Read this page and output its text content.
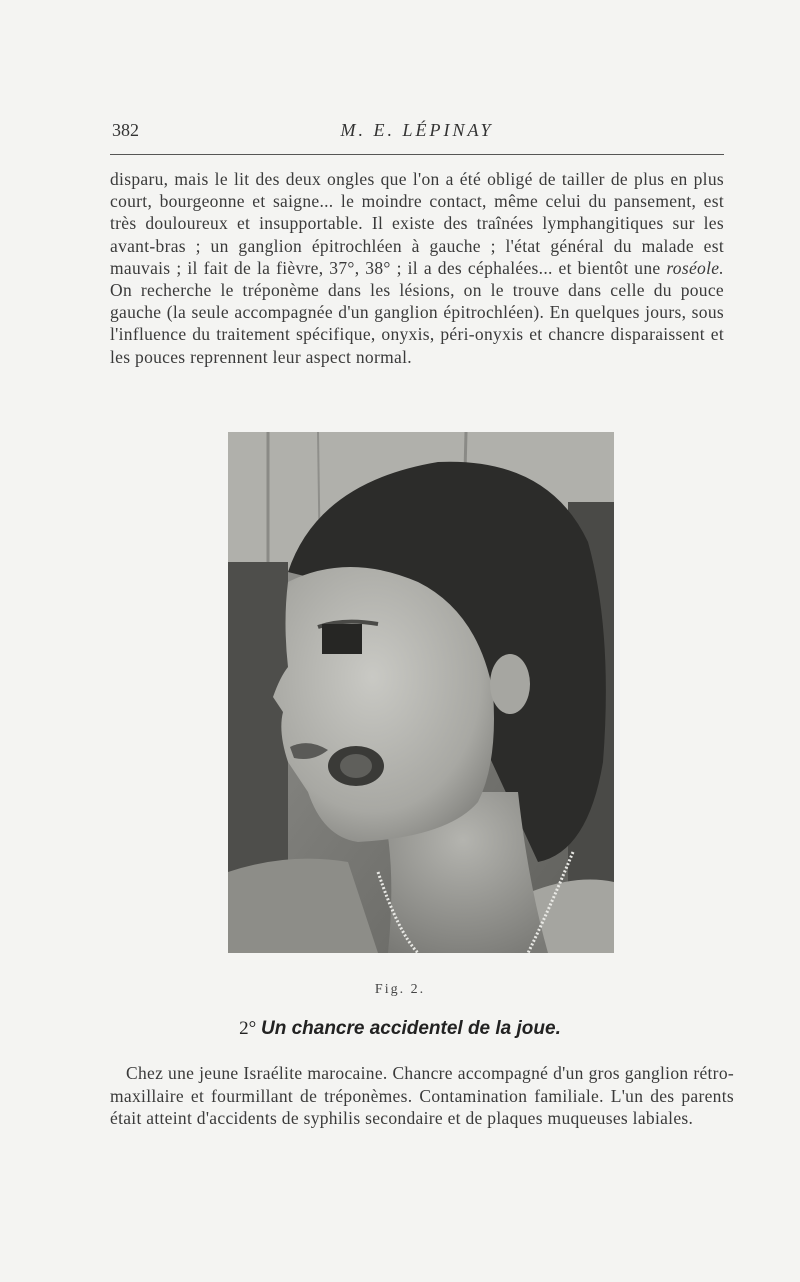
382	M. E. LÉPINAY

disparu, mais le lit des deux ongles que l'on a été obligé de tailler de plus en plus court, bourgeonne et saigne... le moindre contact, même celui du pansement, est très douloureux et insupportable. Il existe des traînées lymphangitiques sur les avant-bras ; un ganglion épitrochléen à gauche ; l'état général du malade est mauvais ; il fait de la fièvre, 37°, 38° ; il a des céphalées... et bientôt une roséole. On recherche le tréponème dans les lésions, on le trouve dans celle du pouce gauche (la seule accompagnée d'un ganglion épitrochléen). En quelques jours, sous l'influence du traitement spécifique, onyxis, péri-onyxis et chancre disparaissent et les pouces reprennent leur aspect normal.

Fig. 2.
2° Un chancre accidentel de la joue.

Chez une jeune Israélite marocaine. Chancre accompagné d'un gros ganglion rétro-maxillaire et fourmillant de tréponèmes. Contamination familiale. L'un des parents était atteint d'accidents de syphilis secondaire et de plaques muqueuses labiales.
